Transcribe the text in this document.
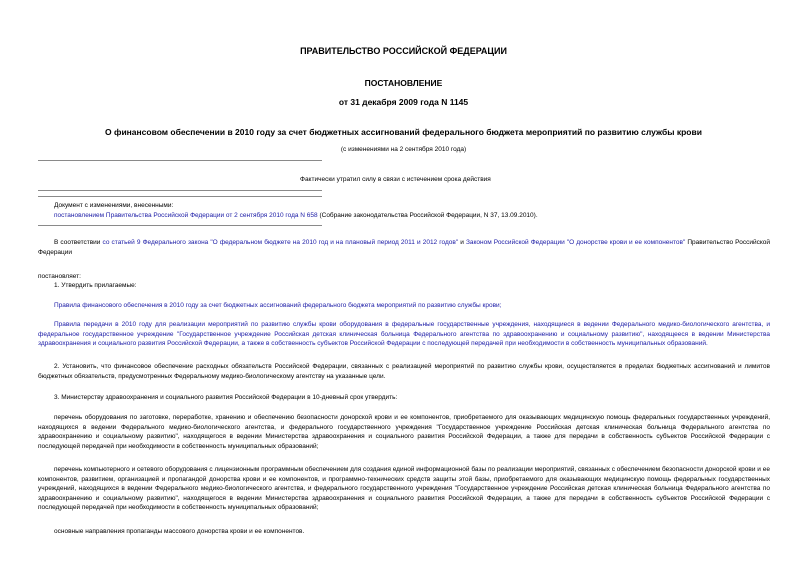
ПРАВИТЕЛЬСТВО РОССИЙСКОЙ ФЕДЕРАЦИИ
ПОСТАНОВЛЕНИЕ
от 31 декабря 2009 года N 1145
О финансовом обеспечении в 2010 году за счет бюджетных ассигнований федерального бюджета мероприятий по развитию службы крови
(с изменениями на 2 сентября 2010 года)
Фактически утратил силу в связи с истечением срока действия
Документ с изменениями, внесенными:
постановлением Правительства Российской Федерации от 2 сентября 2010 года N 658 (Собрание законодательства Российской Федерации, N 37, 13.09.2010).
В соответствии со статьей 9 Федерального закона "О федеральном бюджете на 2010 год и на плановый период 2011 и 2012 годов" и Законом Российской Федерации "О донорстве крови и ее компонентов" Правительство Российской Федерации
постановляет:
1. Утвердить прилагаемые:
Правила финансового обеспечения в 2010 году за счет бюджетных ассигнований федерального бюджета мероприятий по развитию службы крови;
Правила передачи в 2010 году для реализации мероприятий по развитию службы крови оборудования в федеральные государственные учреждения, находящиеся в ведении Федерального медико-биологического агентства, и федеральное государственное учреждение "Государственное учреждение Российская детская клиническая больница Федерального агентства по здравоохранению и социальному развитию", находящееся в ведении Министерства здравоохранения и социального развития Российской Федерации, а также в собственность субъектов Российской Федерации с последующей передачей при необходимости в собственность муниципальных образований.
2. Установить, что финансовое обеспечение расходных обязательств Российской Федерации, связанных с реализацией мероприятий по развитию службы крови, осуществляется в пределах бюджетных ассигнований и лимитов бюджетных обязательств, предусмотренных Федеральному медико-биологическому агентству на указанные цели.
3. Министерству здравоохранения и социального развития Российской Федерации в 10-дневный срок утвердить:
перечень оборудования по заготовке, переработке, хранению и обеспечению безопасности донорской крови и ее компонентов, приобретаемого для оказывающих медицинскую помощь федеральных государственных учреждений, находящихся в ведении Федерального медико-биологического агентства, и федерального государственного учреждения "Государственное учреждение Российская детская клиническая больница Федерального агентства по здравоохранению и социальному развитию", находящегося в ведении Министерства здравоохранения и социального развития Российской Федерации, а также для передачи в собственность субъектов Российской Федерации с последующей передачей при необходимости в собственность муниципальных образований;
перечень компьютерного и сетевого оборудования с лицензионным программным обеспечением для создания единой информационной базы по реализации мероприятий, связанных с обеспечением безопасности донорской крови и ее компонентов, развитием, организацией и пропагандой донорства крови и ее компонентов, и программно-технических средств защиты этой базы, приобретаемого для оказывающих медицинскую помощь федеральных государственных учреждений, находящихся в ведении Федерального медико-биологического агентства, и федерального государственного учреждения "Государственное учреждение Российская детская клиническая больница Федерального агентства по здравоохранению и социальному развитию", находящегося в ведении Министерства здравоохранения и социального развития Российской Федерации, а также для передачи в собственность субъектов Российской Федерации с последующей передачей при необходимости в собственность муниципальных образований;
основные направления пропаганды массового донорства крови и ее компонентов.
